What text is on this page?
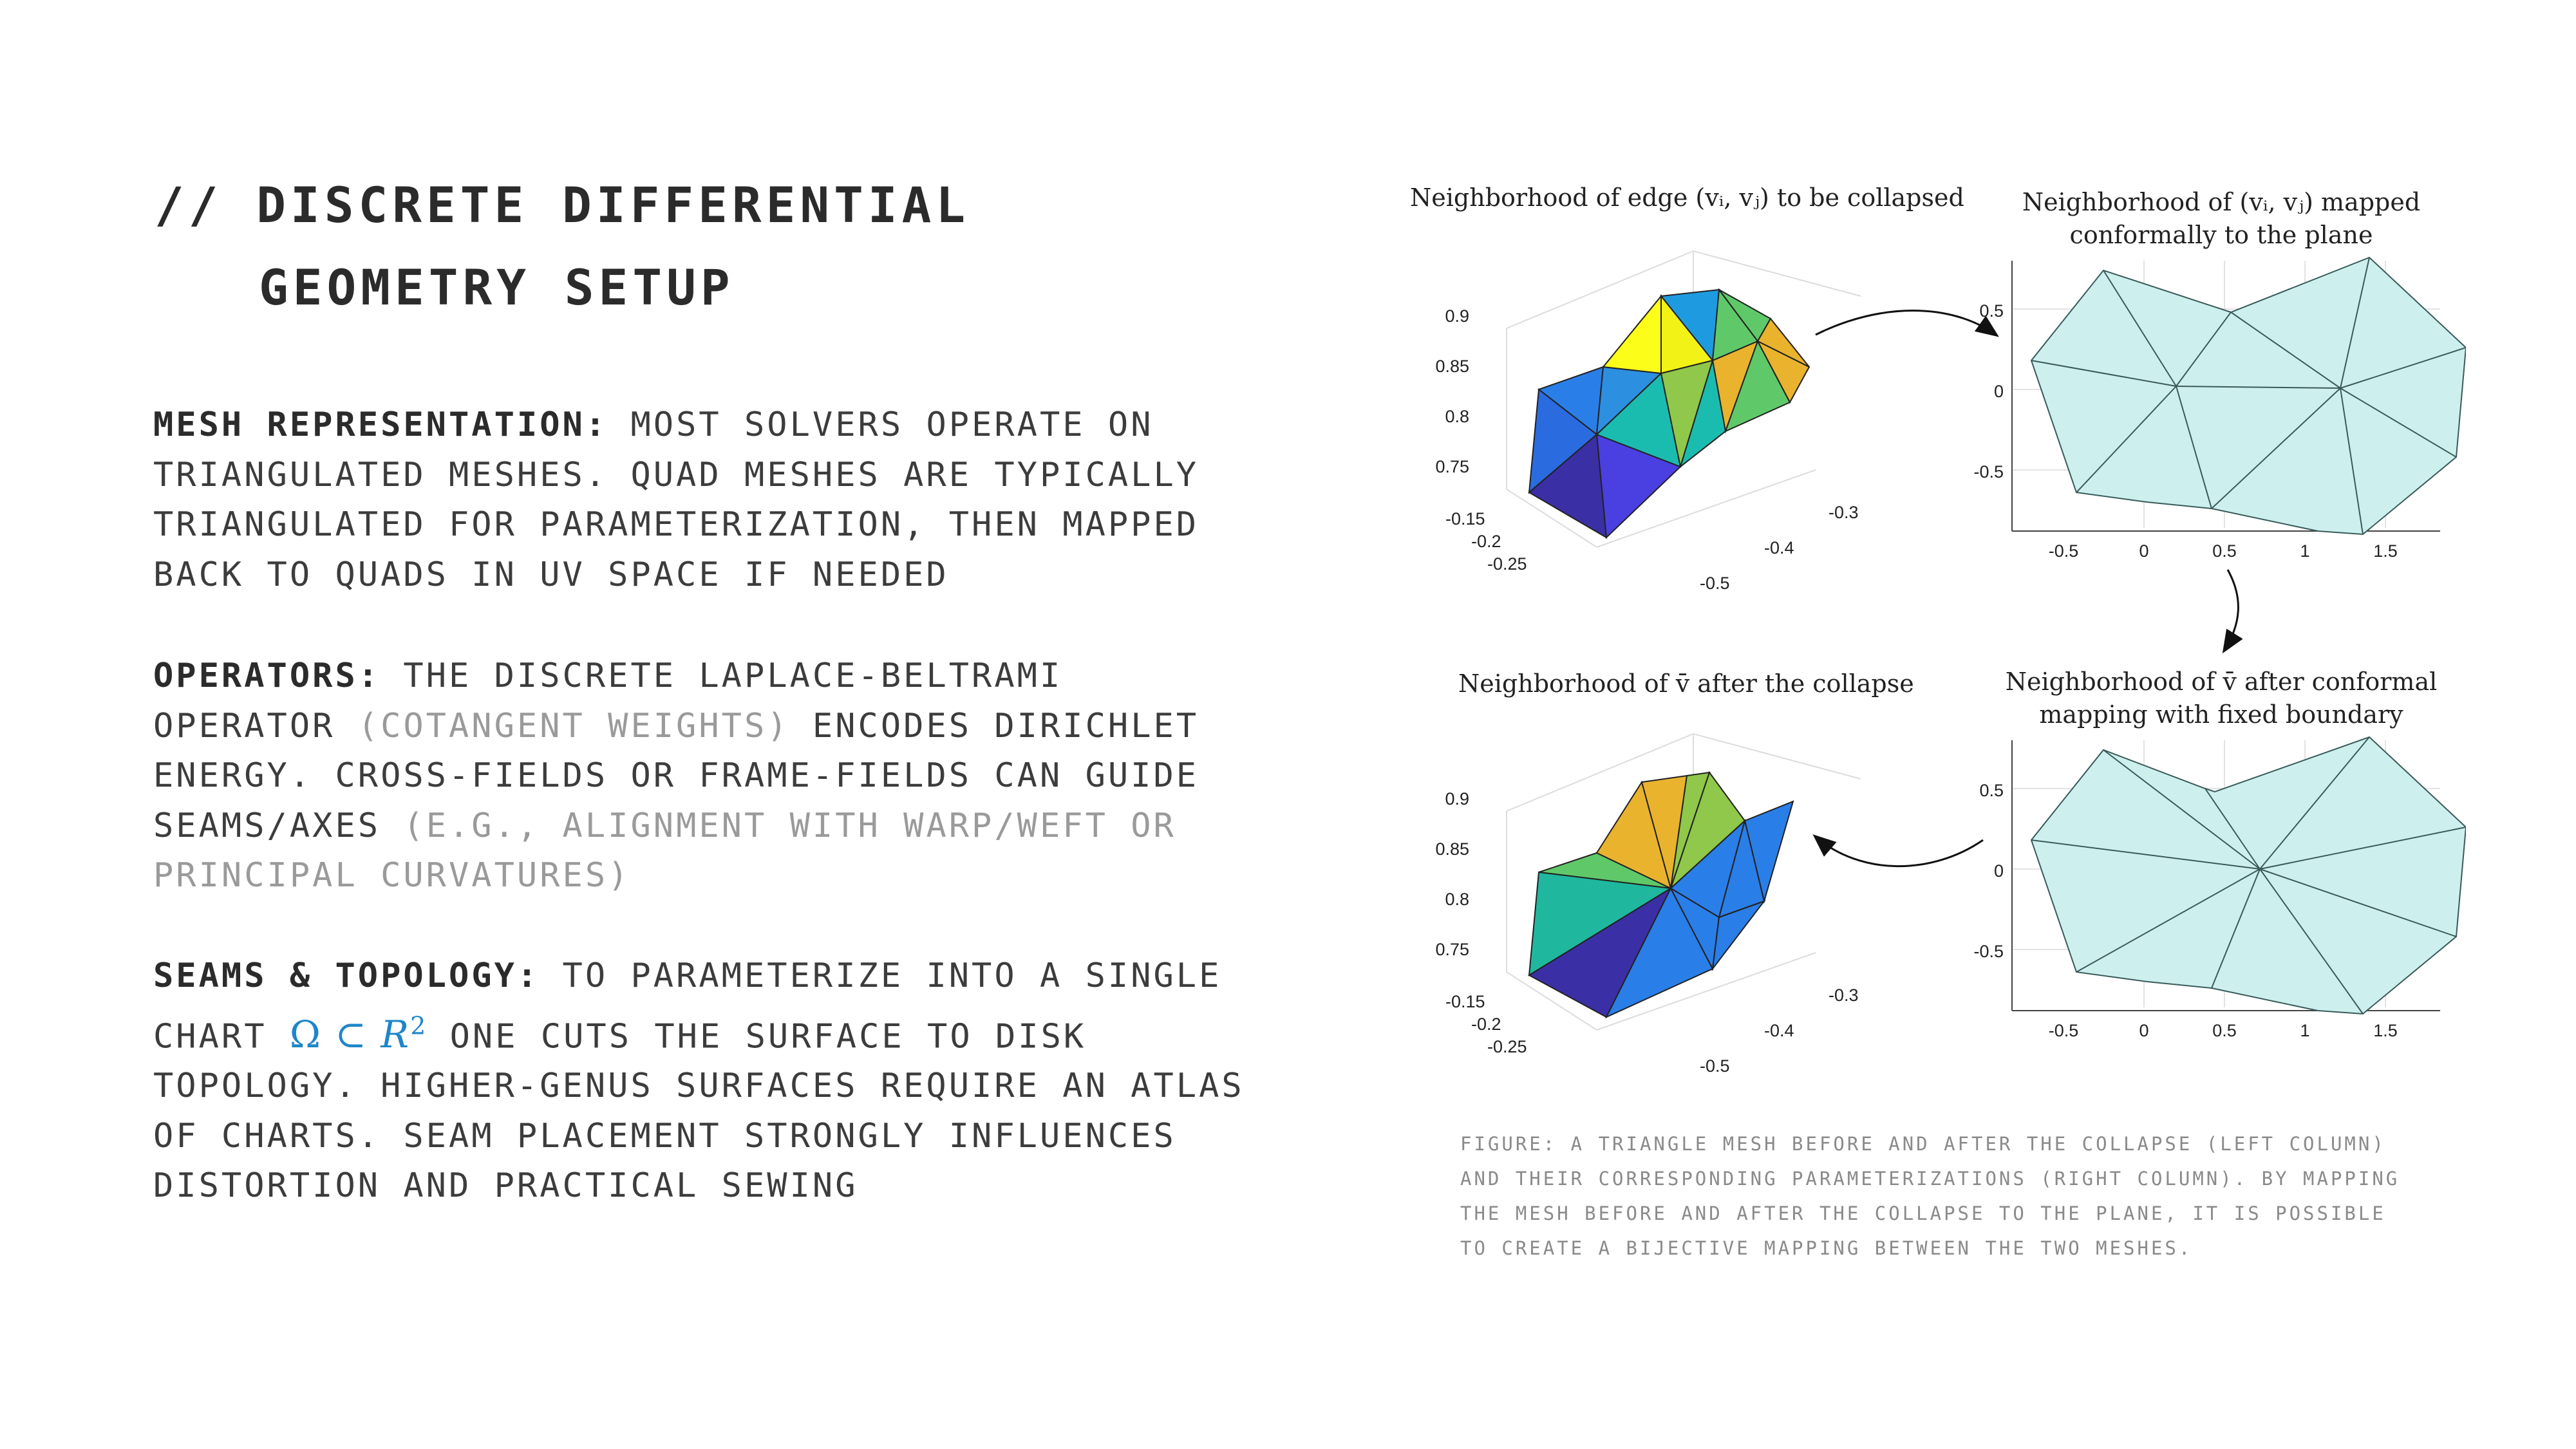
// DISCRETE DIFFERENTIAL
GEOMETRY SETUP

MESH REPRESENTATION: MOST SOLVERS OPERATE ON TRIANGULATED MESHES. QUAD MESHES ARE TYPICALLY TRIANGULATED FOR PARAMETERIZATION, THEN MAPPED BACK TO QUADS IN UV SPACE IF NEEDED

OPERATORS: THE DISCRETE LAPLACE-BELTRAMI OPERATOR (COTANGENT WEIGHTS) ENCODES DIRICHLET ENERGY. CROSS-FIELDS OR FRAME-FIELDS CAN GUIDE SEAMS/AXES (E.G., ALIGNMENT WITH WARP/WEFT OR PRINCIPAL CURVATURES)

SEAMS & TOPOLOGY: TO PARAMETERIZE INTO A SINGLE CHART Ω ⊂ $R^2$ ONE CUTS THE SURFACE TO DISK TOPOLOGY. HIGHER-GENUS SURFACES REQUIRE AN ATLAS OF CHARTS. SEAM PLACEMENT STRONGLY INFLUENCES DISTORTION AND PRACTICAL SEWING

Neighborhood of edge (vᵢ, vⱼ) to be collapsed
0.9
0.85
0.8
0.75
-0.15
-0.2
-0.25
-0.3
-0.4
-0.5
Neighborhood of (vᵢ, vⱼ) mapped
conformally to the plane
0.5
0
-0.5
-0.5	0	0.5	1	1.5
Neighborhood of v̄ after the collapse
0.9
0.85
0.8
0.75
-0.15
-0.2
-0.25
-0.3
-0.4
-0.5
Neighborhood of v̄ after conformal
mapping with fixed boundary
0.5
0
-0.5
-0.5	0	0.5	1	1.5

FIGURE: A TRIANGLE MESH BEFORE AND AFTER THE COLLAPSE (LEFT COLUMN) AND THEIR CORRESPONDING PARAMETERIZATIONS (RIGHT COLUMN). BY MAPPING THE MESH BEFORE AND AFTER THE COLLAPSE TO THE PLANE, IT IS POSSIBLE TO CREATE A BIJECTIVE MAPPING BETWEEN THE TWO MESHES.
